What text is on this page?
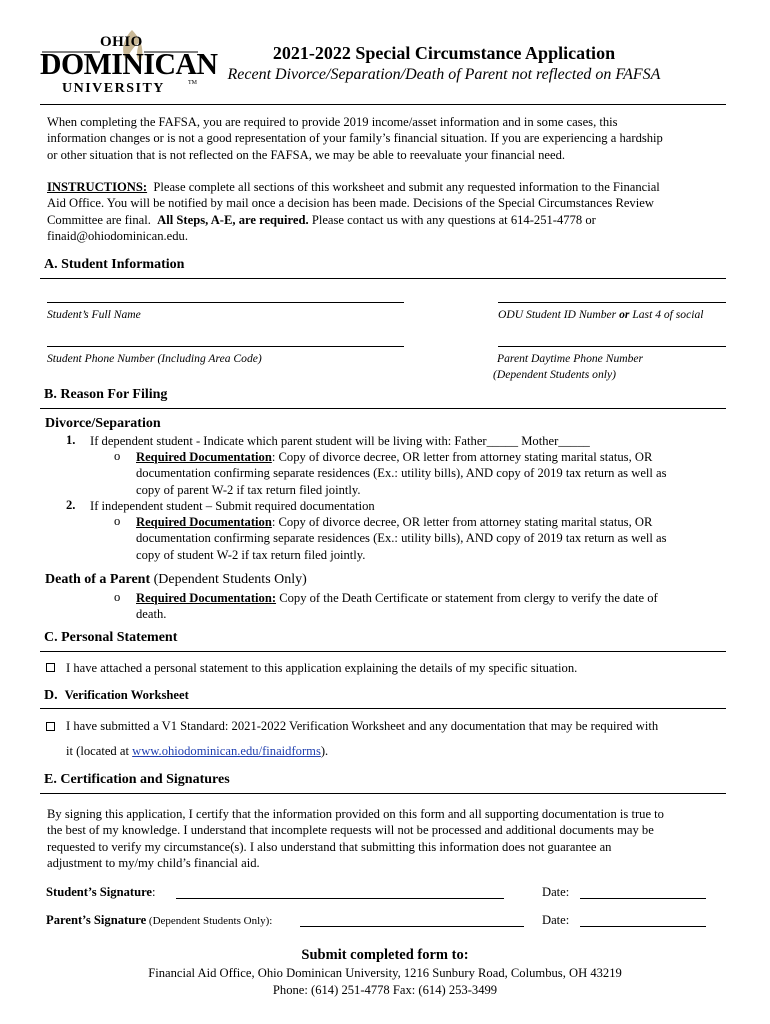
OHIO
DOMINICAN
UNIVERSITY	TM
2021-2022 Special Circumstance Application
Recent Divorce/Separation/Death of Parent not reflected on FAFSA
When completing the FAFSA, you are required to provide 2019 income/asset information and in some cases, this
information changes or is not a good representation of your family’s financial situation. If you are experiencing a hardship
or other situation that is not reflected on the FAFSA, we may be able to reevaluate your financial need.
INSTRUCTIONS: Please complete all sections of this worksheet and submit any requested information to the Financial
Aid Office. You will be notified by mail once a decision has been made. Decisions of the Special Circumstances Review
Committee are final. All Steps, A-E, are required. Please contact us with any questions at 614-251-4778 or
finaid@ohiodominican.edu.
A. Student Information
Student’s Full Name	ODU Student ID Number or Last 4 of social
Student Phone Number (Including Area Code)	Parent Daytime Phone Number
(Dependent Students only)
B. Reason For Filing
Divorce/Separation
1. If dependent student - Indicate which parent student will be living with: Father_____ Mother_____
o Required Documentation: Copy of divorce decree, OR letter from attorney stating marital status, OR
documentation confirming separate residences (Ex.: utility bills), AND copy of 2019 tax return as well as
copy of parent W-2 if tax return filed jointly.
2. If independent student – Submit required documentation
o Required Documentation: Copy of divorce decree, OR letter from attorney stating marital status, OR
documentation confirming separate residences (Ex.: utility bills), AND copy of 2019 tax return as well as
copy of student W-2 if tax return filed jointly.
Death of a Parent (Dependent Students Only)
o Required Documentation: Copy of the Death Certificate or statement from clergy to verify the date of
death.
C. Personal Statement
I have attached a personal statement to this application explaining the details of my specific situation.
D. Verification Worksheet
I have submitted a V1 Standard: 2021-2022 Verification Worksheet and any documentation that may be required with
it (located at www.ohiodominican.edu/finaidforms).
E. Certification and Signatures
By signing this application, I certify that the information provided on this form and all supporting documentation is true to
the best of my knowledge. I understand that incomplete requests will not be processed and additional documents may be
requested to verify my circumstance(s). I also understand that submitting this information does not guarantee an
adjustment to my/my child’s financial aid.
Student’s Signature:	Date:
Parent’s Signature (Dependent Students Only):	Date:
Submit completed form to:
Financial Aid Office, Ohio Dominican University, 1216 Sunbury Road, Columbus, OH 43219
Phone: (614) 251-4778 Fax: (614) 253-3499
